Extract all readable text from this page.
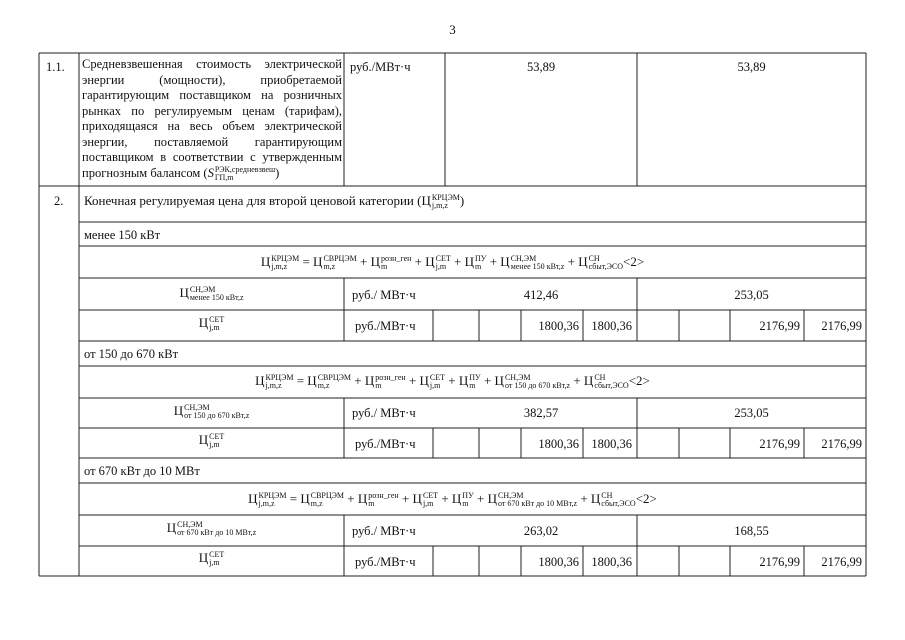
3
1.1. Средневзвешенная стоимость электрической энергии (мощности), приобретаемой гарантирующим поставщиком на розничных рынках по регулируемым ценам (тарифам), приходящаяся на весь объем электрической энергии, поставляемой гарантирующим поставщиком в соответствии с утвержденным прогнозным балансом (S РЭК,средневзвеш
ГП,m	)
руб./МВт·ч	53,89	53,89
2. Конечная регулируемая цена для второй ценовой категории (Ц КРЦЭМ
j,m,z )
менее 150 кВт
Ц КРЦЭМ
j,m,z = Ц СВРЦЭМ
m,z	+ Ц розн_ген
m	+ Ц СЕТ
j,m + Ц ПУ
m + Ц СН,ЭМ
менее 150 кВт,z + Ц СН
сбыт,ЭСО <2>
Ц СН,ЭМ
менее 150 кВт,z	руб./ МВт·ч	412,46	253,05
Ц СЕТ
j,m	руб./МВт·ч	1800,36 1800,36	2176,99	2176,99
от 150 до 670 кВт
Ц КРЦЭМ
j,m,z = Ц СВРЦЭМ
m,z	+ Ц розн_ген
m	+ Ц СЕТ
j,m + Ц ПУ
m + Ц СН,ЭМ
от 150 до 670 кВт,z + Ц СН
сбыт,ЭСО <2>
Ц СН,ЭМ
от 150 до 670 кВт,z	руб./ МВт·ч	382,57	253,05
Ц СЕТ
j,m	руб./МВт·ч	1800,36 1800,36	2176,99	2176,99
от 670 кВт до 10 МВт
Ц КРЦЭМ
j,m,z = Ц СВРЦЭМ
m,z	+ Ц розн_ген
m	+ Ц СЕТ
j,m + Ц ПУ
m + Ц СН,ЭМ
от 670 кВт до 10 МВт,z + Ц СН
сбыт,ЭСО <2>
Ц СН,ЭМ
от 670 кВт до 10 МВт,z	руб./ МВт·ч	263,02	168,55
Ц СЕТ
j,m	руб./МВт·ч	1800,36 1800,36	2176,99	2176,99
